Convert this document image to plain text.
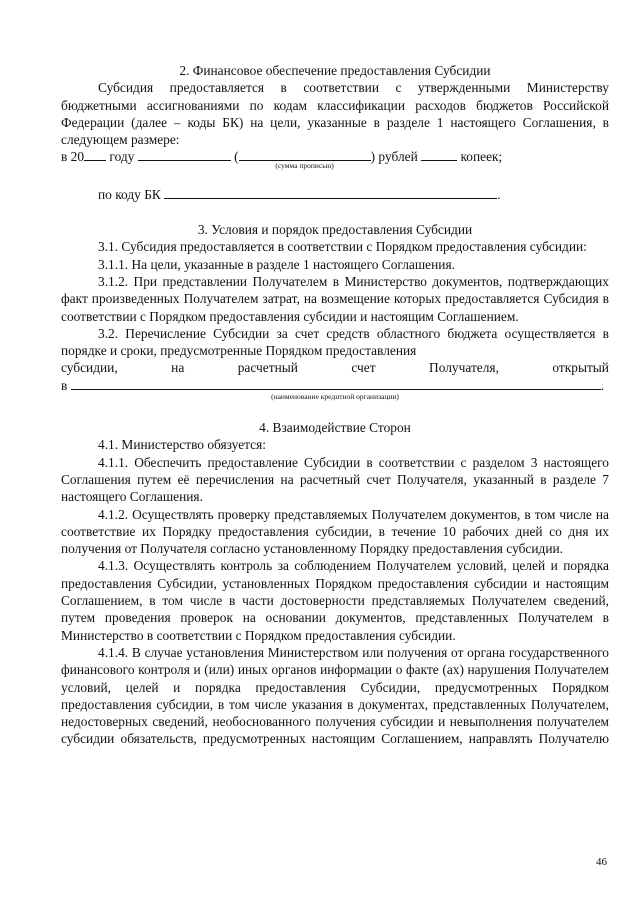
2. Финансовое обеспечение предоставления Субсидии

Субсидия предоставляется в соответствии с утвержденными Министерству бюджетными ассигнованиями по кодам классификации расходов бюджетов Российской Федерации (далее – коды БК) на цели, указанные в разделе 1 настоящего Соглашения, в следующем размере:

в 20 году	(
(сумма прописью)
) рублей	копеек;
по коду БК	.

3. Условия и порядок предоставления Субсидии

3.1. Субсидия предоставляется в соответствии с Порядком предоставления субсидии:

3.1.1. На цели, указанные в разделе 1 настоящего Соглашения.

3.1.2. При представлении Получателем в Министерство документов, подтверждающих факт произведенных Получателем затрат, на возмещение которых предоставляется Субсидия в соответствии с Порядком предоставления субсидии и настоящим Соглашением.

3.2. Перечисление Субсидии за счет средств областного бюджета осуществляется в порядке и сроки, предусмотренные Порядком предоставления

субсидии,	на	расчетный	счет	Получателя,	открытый
в	.
(наименование кредитной организации)

4. Взаимодействие Сторон

4.1. Министерство обязуется:

4.1.1. Обеспечить предоставление Субсидии в соответствии с разделом 3 настоящего Соглашения путем её перечисления на расчетный счет Получателя, указанный в разделе 7 настоящего Соглашения.

4.1.2. Осуществлять проверку представляемых Получателем документов, в том числе на соответствие их Порядку предоставления субсидии, в течение 10 рабочих дней со дня их получения от Получателя согласно установленному Порядку предоставления субсидии.

4.1.3. Осуществлять контроль за соблюдением Получателем условий, целей и порядка предоставления Субсидии, установленных Порядком предоставления субсидии и настоящим Соглашением, в том числе в части достоверности представляемых Получателем сведений, путем проведения проверок на основании документов, представленных Получателем в Министерство в соответствии с Порядком предоставления субсидии.

4.1.4. В случае установления Министерством или получения от органа государственного финансового контроля и (или) иных органов информации о факте (ах) нарушения Получателем условий, целей и порядка предоставления Субсидии, предусмотренных Порядком предоставления субсидии, в том числе указания в документах, представленных Получателем, недостоверных сведений, необоснованного получения субсидии и невыполнения получателем субсидии обязательств, предусмотренных настоящим Соглашением, направлять Получателю

46
